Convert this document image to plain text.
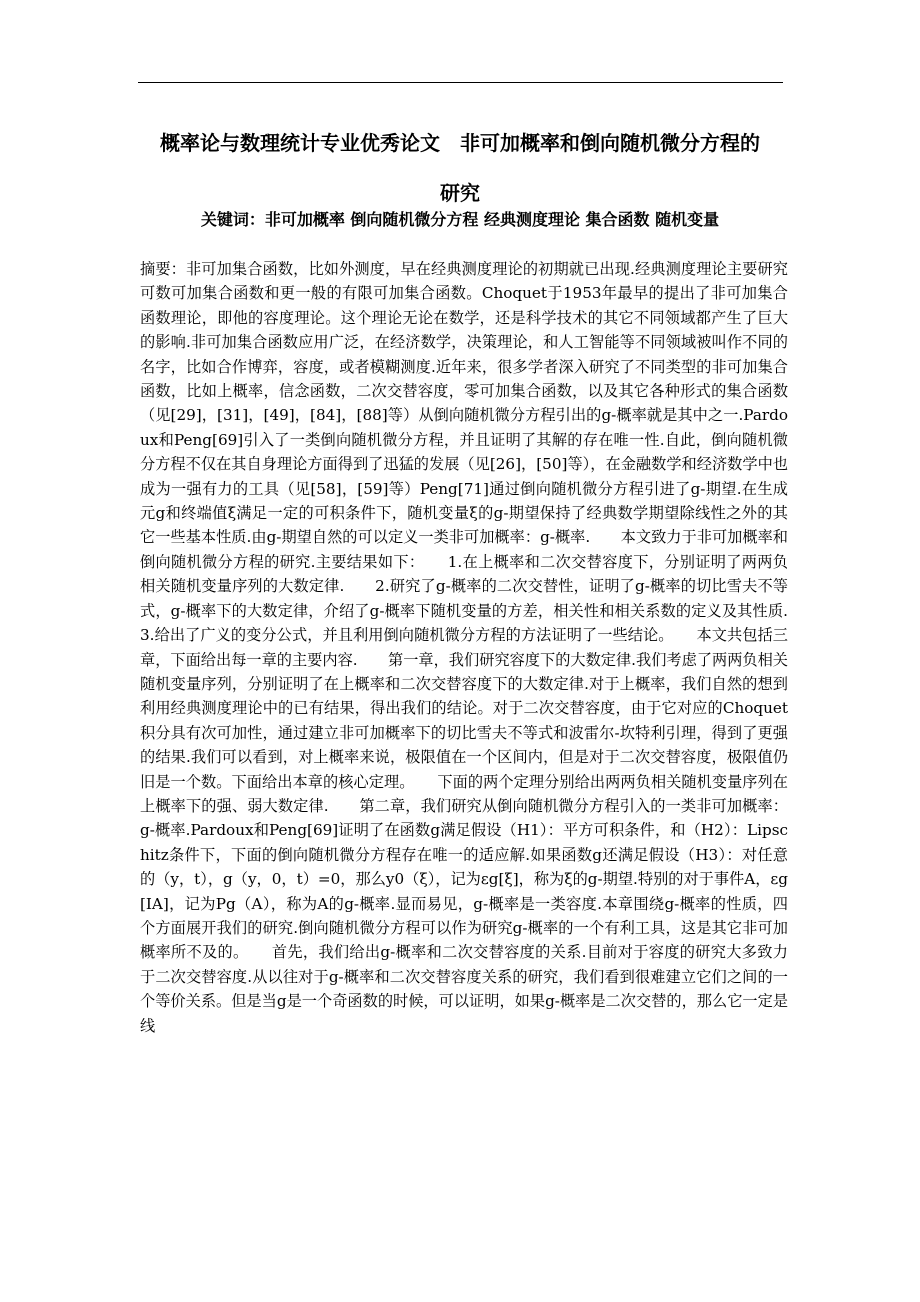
概率论与数理统计专业优秀论文　非可加概率和倒向随机微分方程的
研究

关键词：非可加概率 倒向随机微分方程 经典测度理论 集合函数 随机变量

摘要：非可加集合函数，比如外测度，早在经典测度理论的初期就已出现.经典测度理论主要研究可数可加集合函数和更一般的有限可加集合函数。Choquet于1953年最早的提出了非可加集合函数理论，即他的容度理论。这个理论无论在数学，还是科学技术的其它不同领域都产生了巨大的影响.非可加集合函数应用广泛，在经济数学，决策理论，和人工智能等不同领域被叫作不同的名字，比如合作博弈，容度，或者模糊测度.近年来，很多学者深入研究了不同类型的非可加集合函数，比如上概率，信念函数，二次交替容度，零可加集合函数，以及其它各种形式的集合函数（见[29]，[31]，[49]，[84]，[88]等）从倒向随机微分方程引出的g-概率就是其中之一.Pardoux和Peng[69]引入了一类倒向随机微分方程，并且证明了其解的存在唯一性.自此，倒向随机微分方程不仅在其自身理论方面得到了迅猛的发展（见[26]，[50]等），在金融数学和经济数学中也成为一强有力的工具（见[58]，[59]等）Peng[71]通过倒向随机微分方程引进了g-期望.在生成元g和终端值ξ满足一定的可积条件下，随机变量ξ的g-期望保持了经典数学期望除线性之外的其它一些基本性质.由g-期望自然的可以定义一类非可加概率：g-概率.　　本文致力于非可加概率和倒向随机微分方程的研究.主要结果如下：　　1.在上概率和二次交替容度下，分别证明了两两负相关随机变量序列的大数定律.　　2.研究了g-概率的二次交替性，证明了g-概率的切比雪夫不等式，g-概率下的大数定律，介绍了g-概率下随机变量的方差，相关性和相关系数的定义及其性质.　　3.给出了广义的变分公式，并且利用倒向随机微分方程的方法证明了一些结论。　　本文共包括三章，下面给出每一章的主要内容.　　第一章，我们研究容度下的大数定律.我们考虑了两两负相关随机变量序列，分别证明了在上概率和二次交替容度下的大数定律.对于上概率，我们自然的想到利用经典测度理论中的已有结果，得出我们的结论。对于二次交替容度，由于它对应的Choquet积分具有次可加性，通过建立非可加概率下的切比雪夫不等式和波雷尔-坎特利引理，得到了更强的结果.我们可以看到，对上概率来说，极限值在一个区间内，但是对于二次交替容度，极限值仍旧是一个数。下面给出本章的核心定理。　　下面的两个定理分别给出两两负相关随机变量序列在上概率下的强、弱大数定律.　　第二章，我们研究从倒向随机微分方程引入的一类非可加概率：g-概率.Pardoux和Peng[69]证明了在函数g满足假设（H1）：平方可积条件，和（H2）：Lipschitz条件下，下面的倒向随机微分方程存在唯一的适应解.如果函数g还满足假设（H3）：对任意的（y，t），g（y，0，t）=0，那么y0（ξ），记为εg[ξ]，称为ξ的g-期望.特别的对于事件A，εg[IA]，记为Pg（A），称为A的g-概率.显而易见，g-概率是一类容度.本章围绕g-概率的性质，四个方面展开我们的研究.倒向随机微分方程可以作为研究g-概率的一个有利工具，这是其它非可加概率所不及的。　　首先，我们给出g-概率和二次交替容度的关系.目前对于容度的研究大多致力于二次交替容度.从以往对于g-概率和二次交替容度关系的研究，我们看到很难建立它们之间的一个等价关系。但是当g是一个奇函数的时候，可以证明，如果g-概率是二次交替的，那么它一定是线
